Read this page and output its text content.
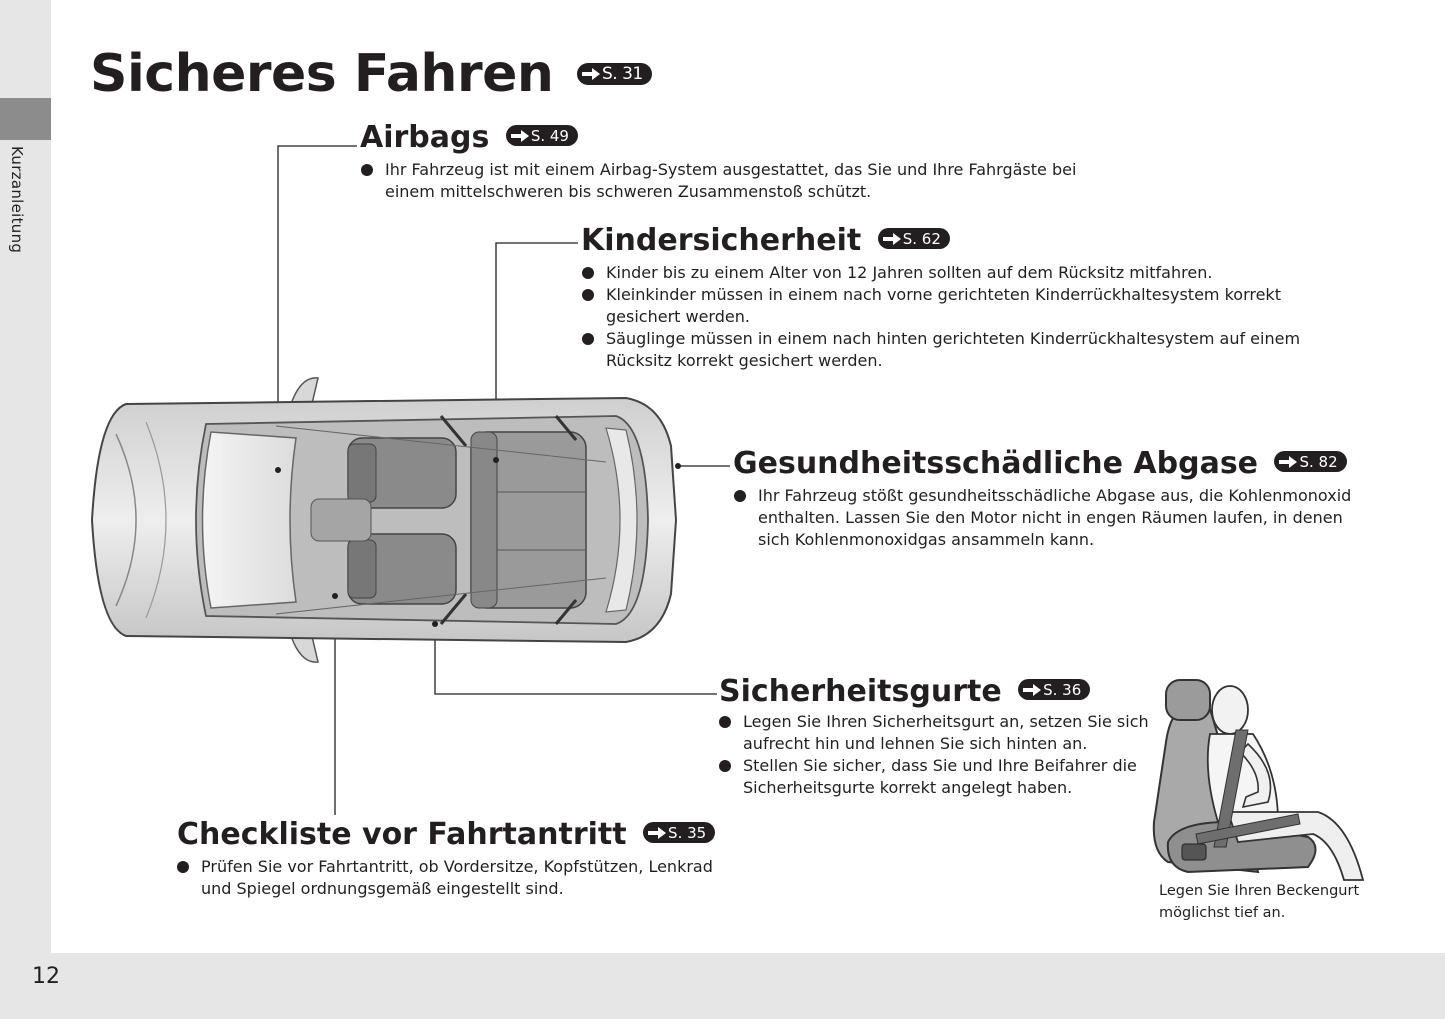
Kurzanleitung
12
Sicheres Fahren	S. 31
Airbags	S. 49
Ihr Fahrzeug ist mit einem Airbag-System ausgestattet, das Sie und Ihre Fahrgäste bei einem mittelschweren bis schweren Zusammenstoß schützt.
Kindersicherheit	S. 62
Kinder bis zu einem Alter von 12 Jahren sollten auf dem Rücksitz mitfahren.
Kleinkinder müssen in einem nach vorne gerichteten Kinderrückhaltesystem korrekt gesichert werden.
Säuglinge müssen in einem nach hinten gerichteten Kinderrückhaltesystem auf einem Rücksitz korrekt gesichert werden.
Gesundheitsschädliche Abgase	S. 82
Ihr Fahrzeug stößt gesundheitsschädliche Abgase aus, die Kohlenmonoxid enthalten. Lassen Sie den Motor nicht in engen Räumen laufen, in denen sich Kohlenmonoxidgas ansammeln kann.
Sicherheitsgurte	S. 36
Legen Sie Ihren Sicherheitsgurt an, setzen Sie sich aufrecht hin und lehnen Sie sich hinten an.
Stellen Sie sicher, dass Sie und Ihre Beifahrer die Sicherheitsgurte korrekt angelegt haben.
Checkliste vor Fahrtantritt	S. 35
Prüfen Sie vor Fahrtantritt, ob Vordersitze, Kopfstützen, Lenkrad und Spiegel ordnungsgemäß eingestellt sind.	Legen Sie Ihren Beckengurt möglichst tief an.
